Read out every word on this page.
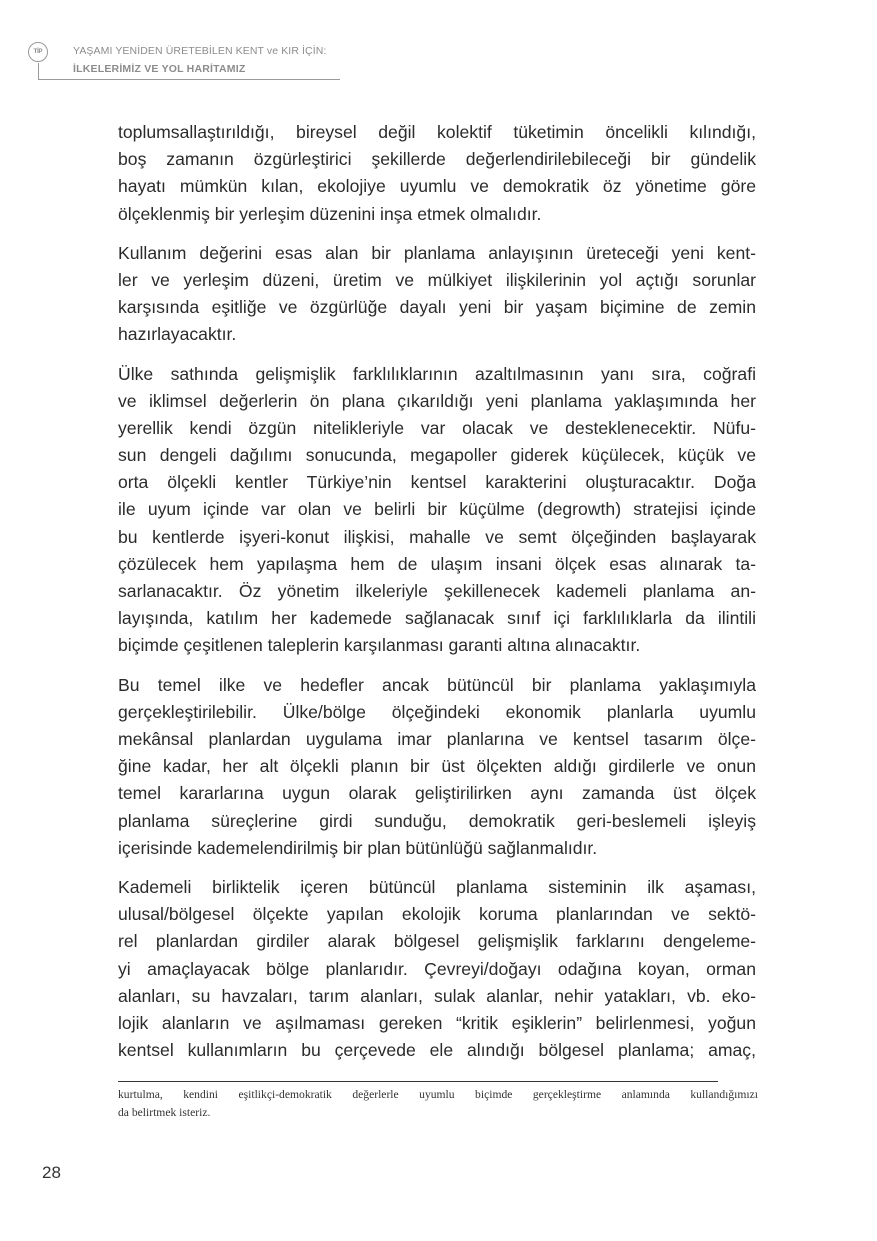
TİP	YAŞAMI YENİDEN ÜRETEBİLEN KENT ve KIR İÇİN:
İLKELERİMİZ VE YOL HARİTAMIZ

toplumsallaştırıldığı, bireysel değil kolektif tüketimin öncelikli kılındığı,
boş zamanın özgürleştirici şekillerde değerlendirilebileceği bir gündelik
hayatı mümkün kılan, ekolojiye uyumlu ve demokratik öz yönetime göre
ölçeklenmiş bir yerleşim düzenini inşa etmek olmalıdır.

Kullanım değerini esas alan bir planlama anlayışının üreteceği yeni kent-
ler ve yerleşim düzeni, üretim ve mülkiyet ilişkilerinin yol açtığı sorunlar
karşısında eşitliğe ve özgürlüğe dayalı yeni bir yaşam biçimine de zemin
hazırlayacaktır.

Ülke sathında gelişmişlik farklılıklarının azaltılmasının yanı sıra, coğrafi
ve iklimsel değerlerin ön plana çıkarıldığı yeni planlama yaklaşımında her
yerellik kendi özgün nitelikleriyle var olacak ve desteklenecektir. Nüfu-
sun dengeli dağılımı sonucunda, megapoller giderek küçülecek, küçük ve
orta ölçekli kentler Türkiye’nin kentsel karakterini oluşturacaktır. Doğa
ile uyum içinde var olan ve belirli bir küçülme (degrowth) stratejisi içinde
bu kentlerde işyeri-konut ilişkisi, mahalle ve semt ölçeğinden başlayarak
çözülecek hem yapılaşma hem de ulaşım insani ölçek esas alınarak ta-
sarlanacaktır. Öz yönetim ilkeleriyle şekillenecek kademeli planlama an-
layışında, katılım her kademede sağlanacak sınıf içi farklılıklarla da ilintili
biçimde çeşitlenen taleplerin karşılanması garanti altına alınacaktır.

Bu temel ilke ve hedefler ancak bütüncül bir planlama yaklaşımıyla
gerçekleştirilebilir. Ülke/bölge ölçeğindeki ekonomik planlarla uyumlu
mekânsal planlardan uygulama imar planlarına ve kentsel tasarım ölçe-
ğine kadar, her alt ölçekli planın bir üst ölçekten aldığı girdilerle ve onun
temel kararlarına uygun olarak geliştirilirken aynı zamanda üst ölçek
planlama süreçlerine girdi sunduğu, demokratik geri-beslemeli işleyiş
içerisinde kademelendirilmiş bir plan bütünlüğü sağlanmalıdır.

Kademeli birliktelik içeren bütüncül planlama sisteminin ilk aşaması,
ulusal/bölgesel ölçekte yapılan ekolojik koruma planlarından ve sektö-
rel planlardan girdiler alarak bölgesel gelişmişlik farklarını dengeleme-
yi amaçlayacak bölge planlarıdır. Çevreyi/doğayı odağına koyan, orman
alanları, su havzaları, tarım alanları, sulak alanlar, nehir yatakları, vb. eko-
lojik alanların ve aşılmaması gereken “kritik eşiklerin” belirlenmesi, yoğun
kentsel kullanımların bu çerçevede ele alındığı bölgesel planlama; amaç,

kurtulma, kendini eşitlikçi-demokratik değerlerle uyumlu biçimde gerçekleştirme anlamında kullandığımızı
da belirtmek isteriz.
28
